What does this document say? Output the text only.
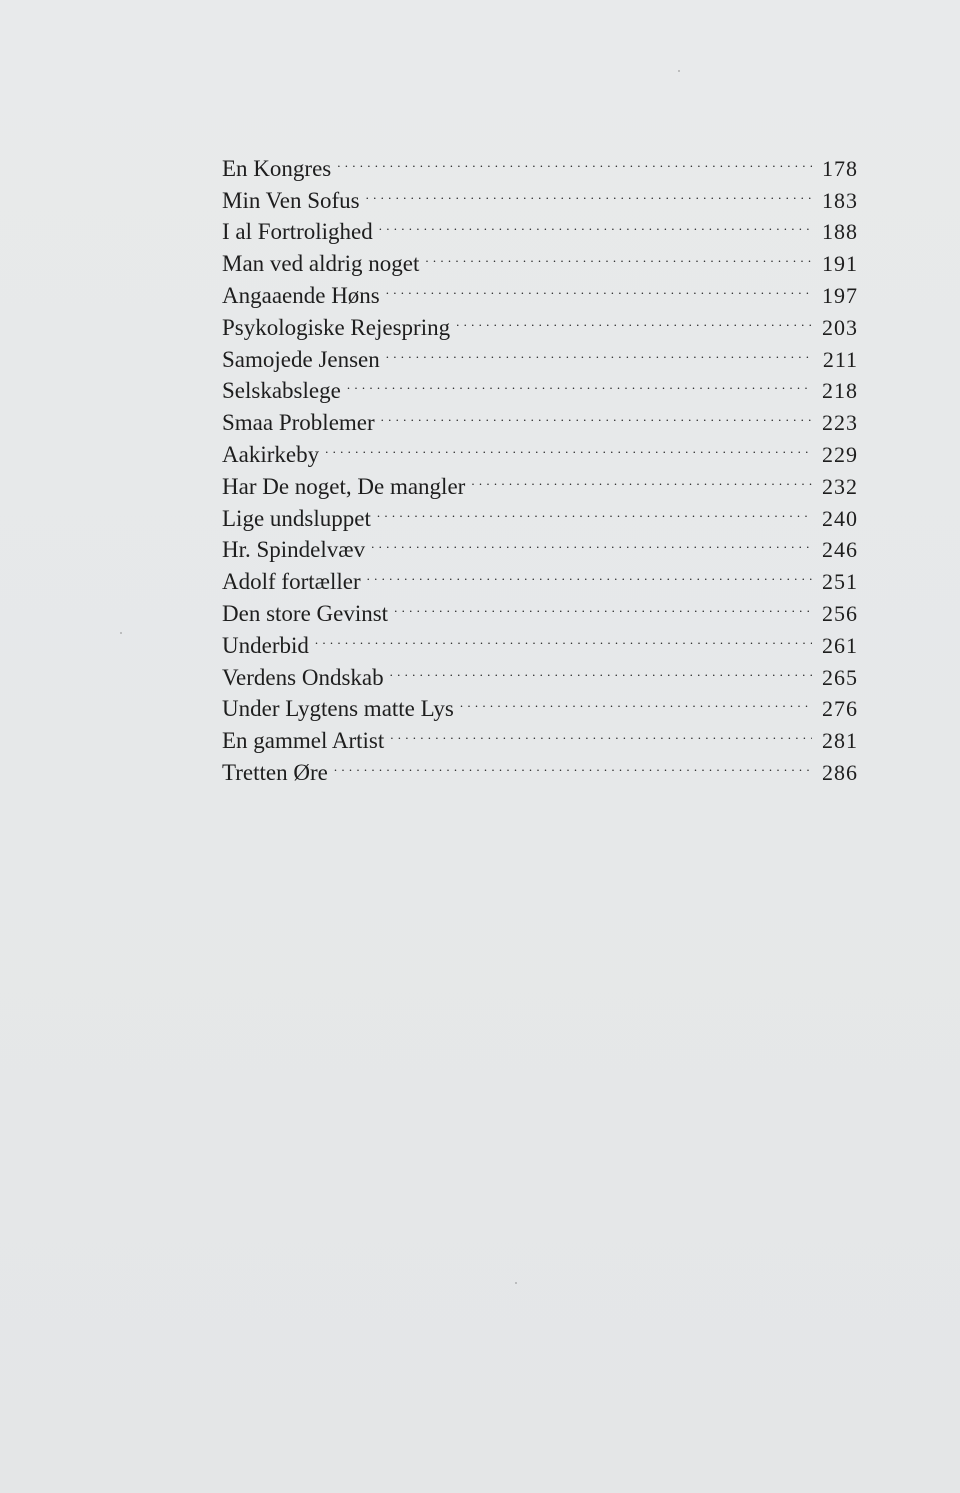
En Kongres . . .	178
Min Ven Sofus . . .	183
I al Fortrolighed . . .	188
Man ved aldrig noget . . .	191
Angaaende Høns . . .	197
Psykologiske Rejespring . . .	203
Samojede Jensen . . .	211
Selskabslege . . .	218
Smaa Problemer . . .	223
Aakirkeby . . .	229
Har De noget, De mangler . . .	232
Lige undsluppet . . .	240
Hr. Spindelvæv . . .	246
Adolf fortæller . . .	251
Den store Gevinst . . .	256
Underbid . . .	261
Verdens Ondskab . . .	265
Under Lygtens matte Lys . . .	276
En gammel Artist . . .	281
Tretten Øre . . .	286
